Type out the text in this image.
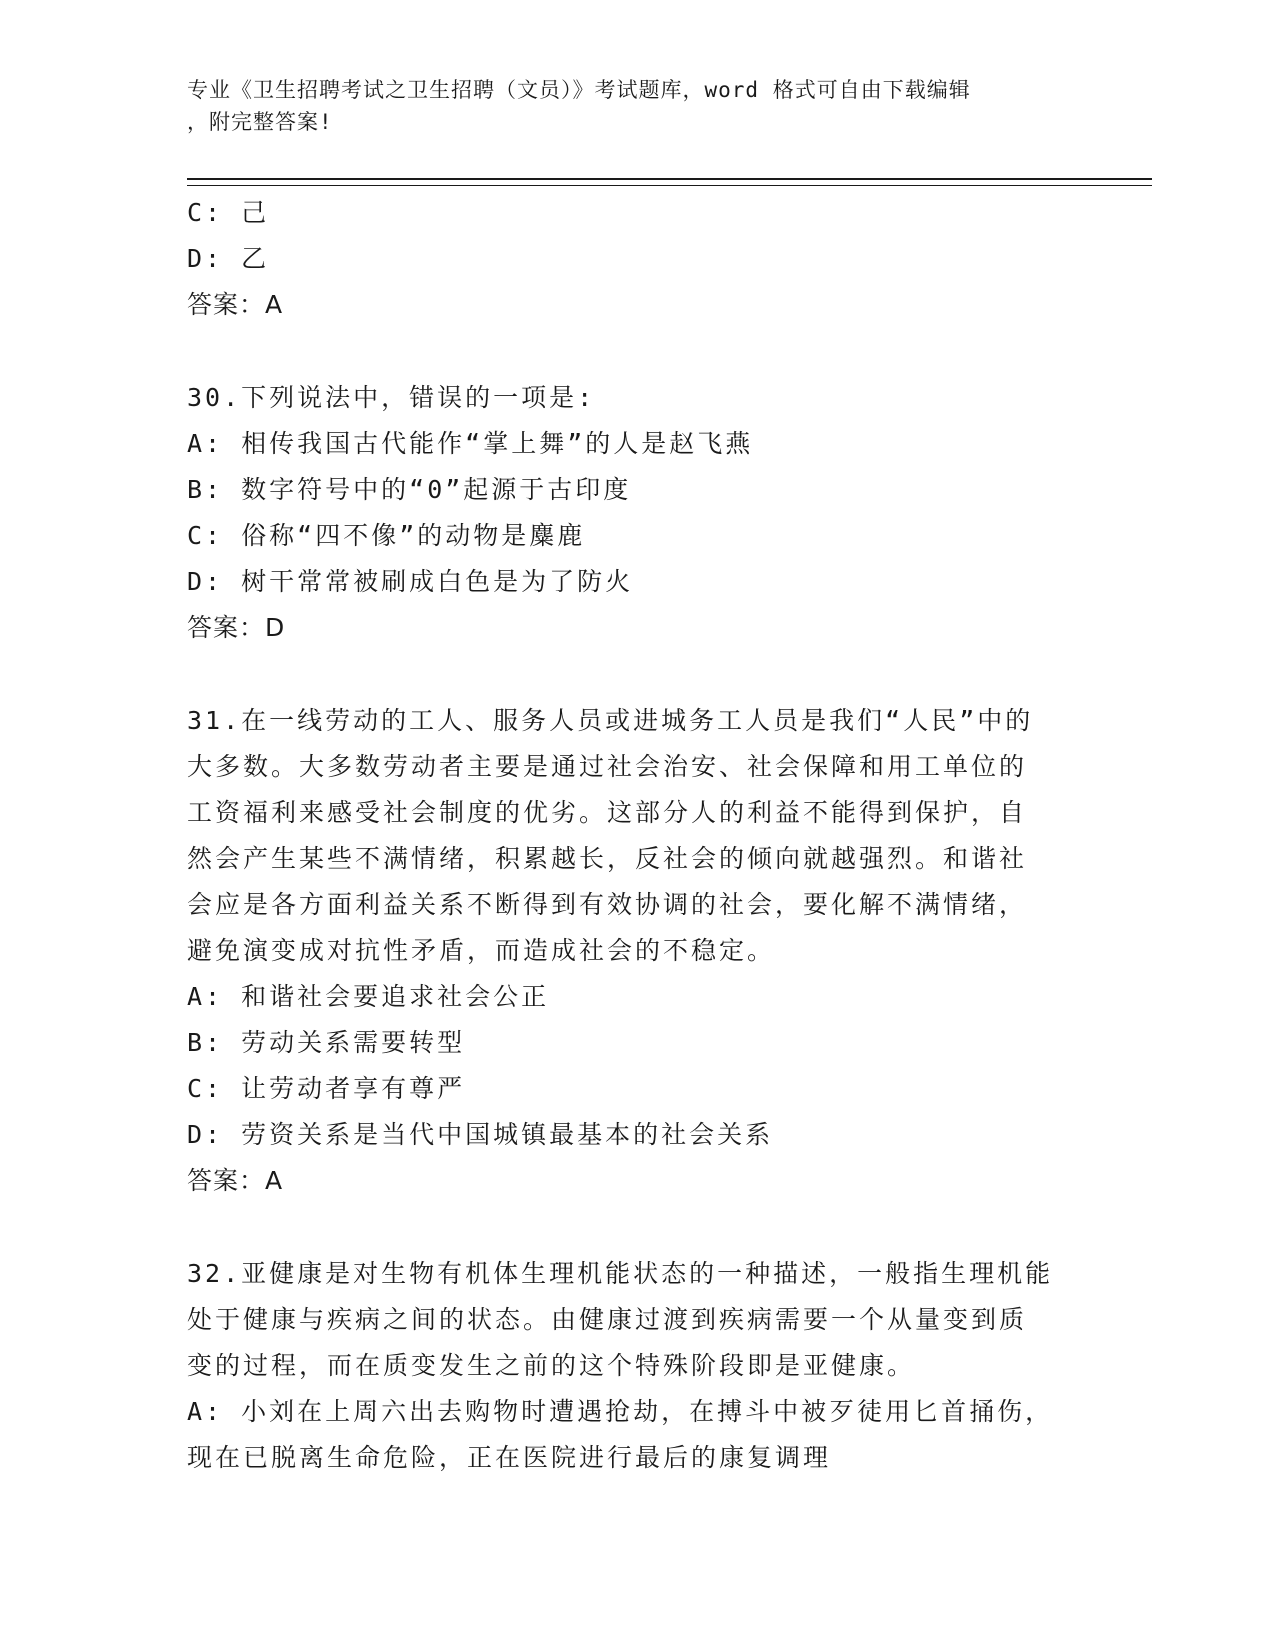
专业《卫生招聘考试之卫生招聘（文员）》考试题库，word 格式可自由下载编辑
，附完整答案!
C: 己
D: 乙
答案：A
30.下列说法中，错误的一项是:
A: 相传我国古代能作“掌上舞”的人是赵飞燕
B: 数字符号中的“0”起源于古印度
C: 俗称“四不像”的动物是麋鹿
D: 树干常常被刷成白色是为了防火
答案：D
31.在一线劳动的工人、服务人员或进城务工人员是我们“人民”中的
大多数。大多数劳动者主要是通过社会治安、社会保障和用工单位的
工资福利来感受社会制度的优劣。这部分人的利益不能得到保护，自
然会产生某些不满情绪，积累越长，反社会的倾向就越强烈。和谐社
会应是各方面利益关系不断得到有效协调的社会，要化解不满情绪，
避免演变成对抗性矛盾，而造成社会的不稳定。
A: 和谐社会要追求社会公正
B: 劳动关系需要转型
C: 让劳动者享有尊严
D: 劳资关系是当代中国城镇最基本的社会关系
答案：A
32.亚健康是对生物有机体生理机能状态的一种描述，一般指生理机能
处于健康与疾病之间的状态。由健康过渡到疾病需要一个从量变到质
变的过程，而在质变发生之前的这个特殊阶段即是亚健康。
A: 小刘在上周六出去购物时遭遇抢劫，在搏斗中被歹徒用匕首捅伤，
现在已脱离生命危险，正在医院进行最后的康复调理
